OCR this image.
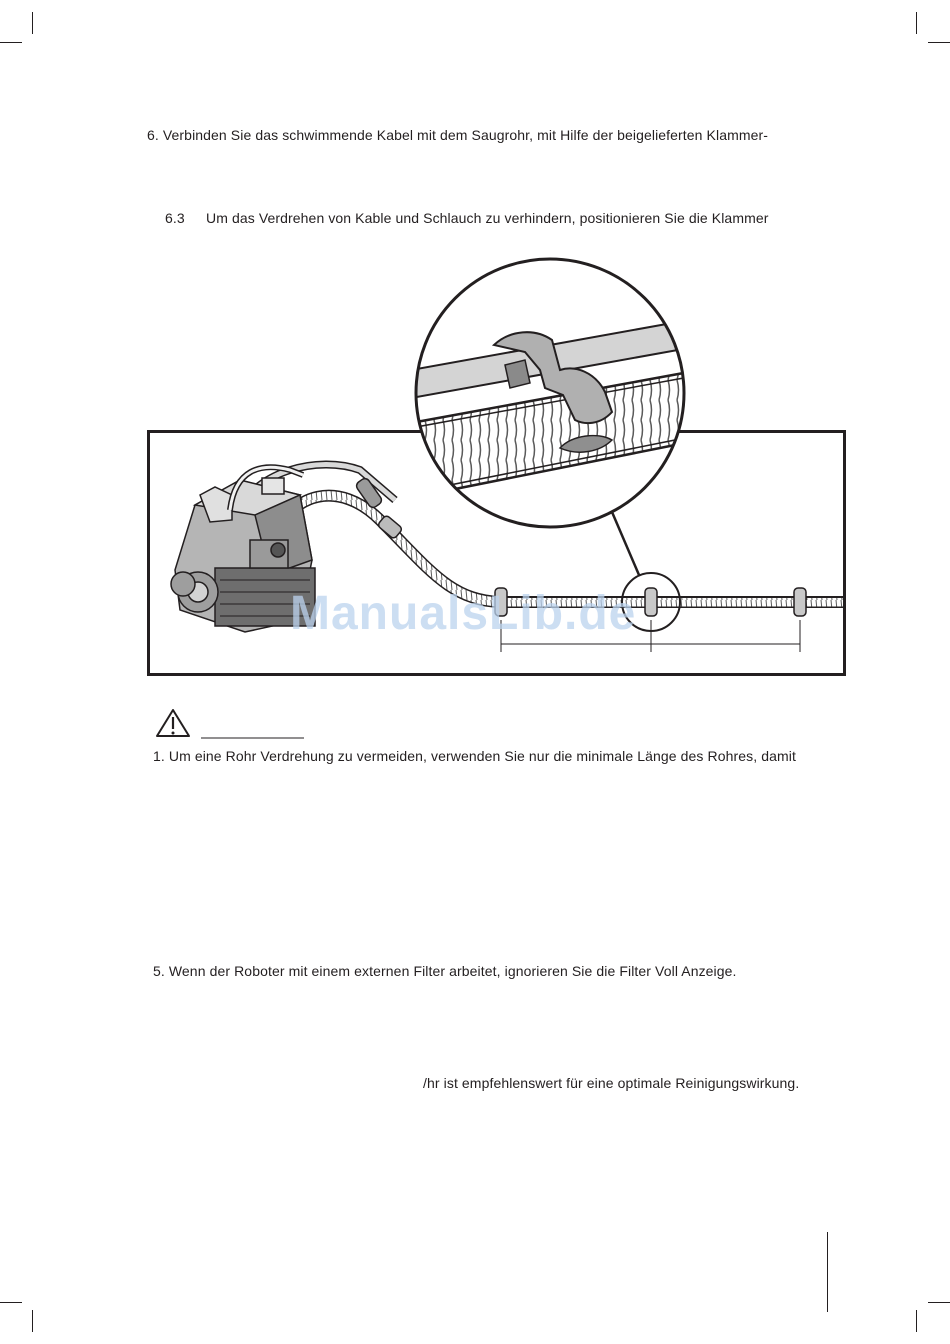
6. Verbinden Sie das schwimmende Kabel mit dem Saugrohr, mit Hilfe der beigelieferten Klammer-
6.3 Um das Verdrehen von Kable und Schlauch zu verhindern, positionieren Sie die Klammer
ManualsLib.de
1. Um eine Rohr Verdrehung zu vermeiden, verwenden Sie nur die minimale Länge des Rohres, damit
5. Wenn der Roboter mit einem externen Filter arbeitet, ignorieren Sie die Filter Voll Anzeige.
/hr ist empfehlenswert für eine optimale Reinigungswirkung.
